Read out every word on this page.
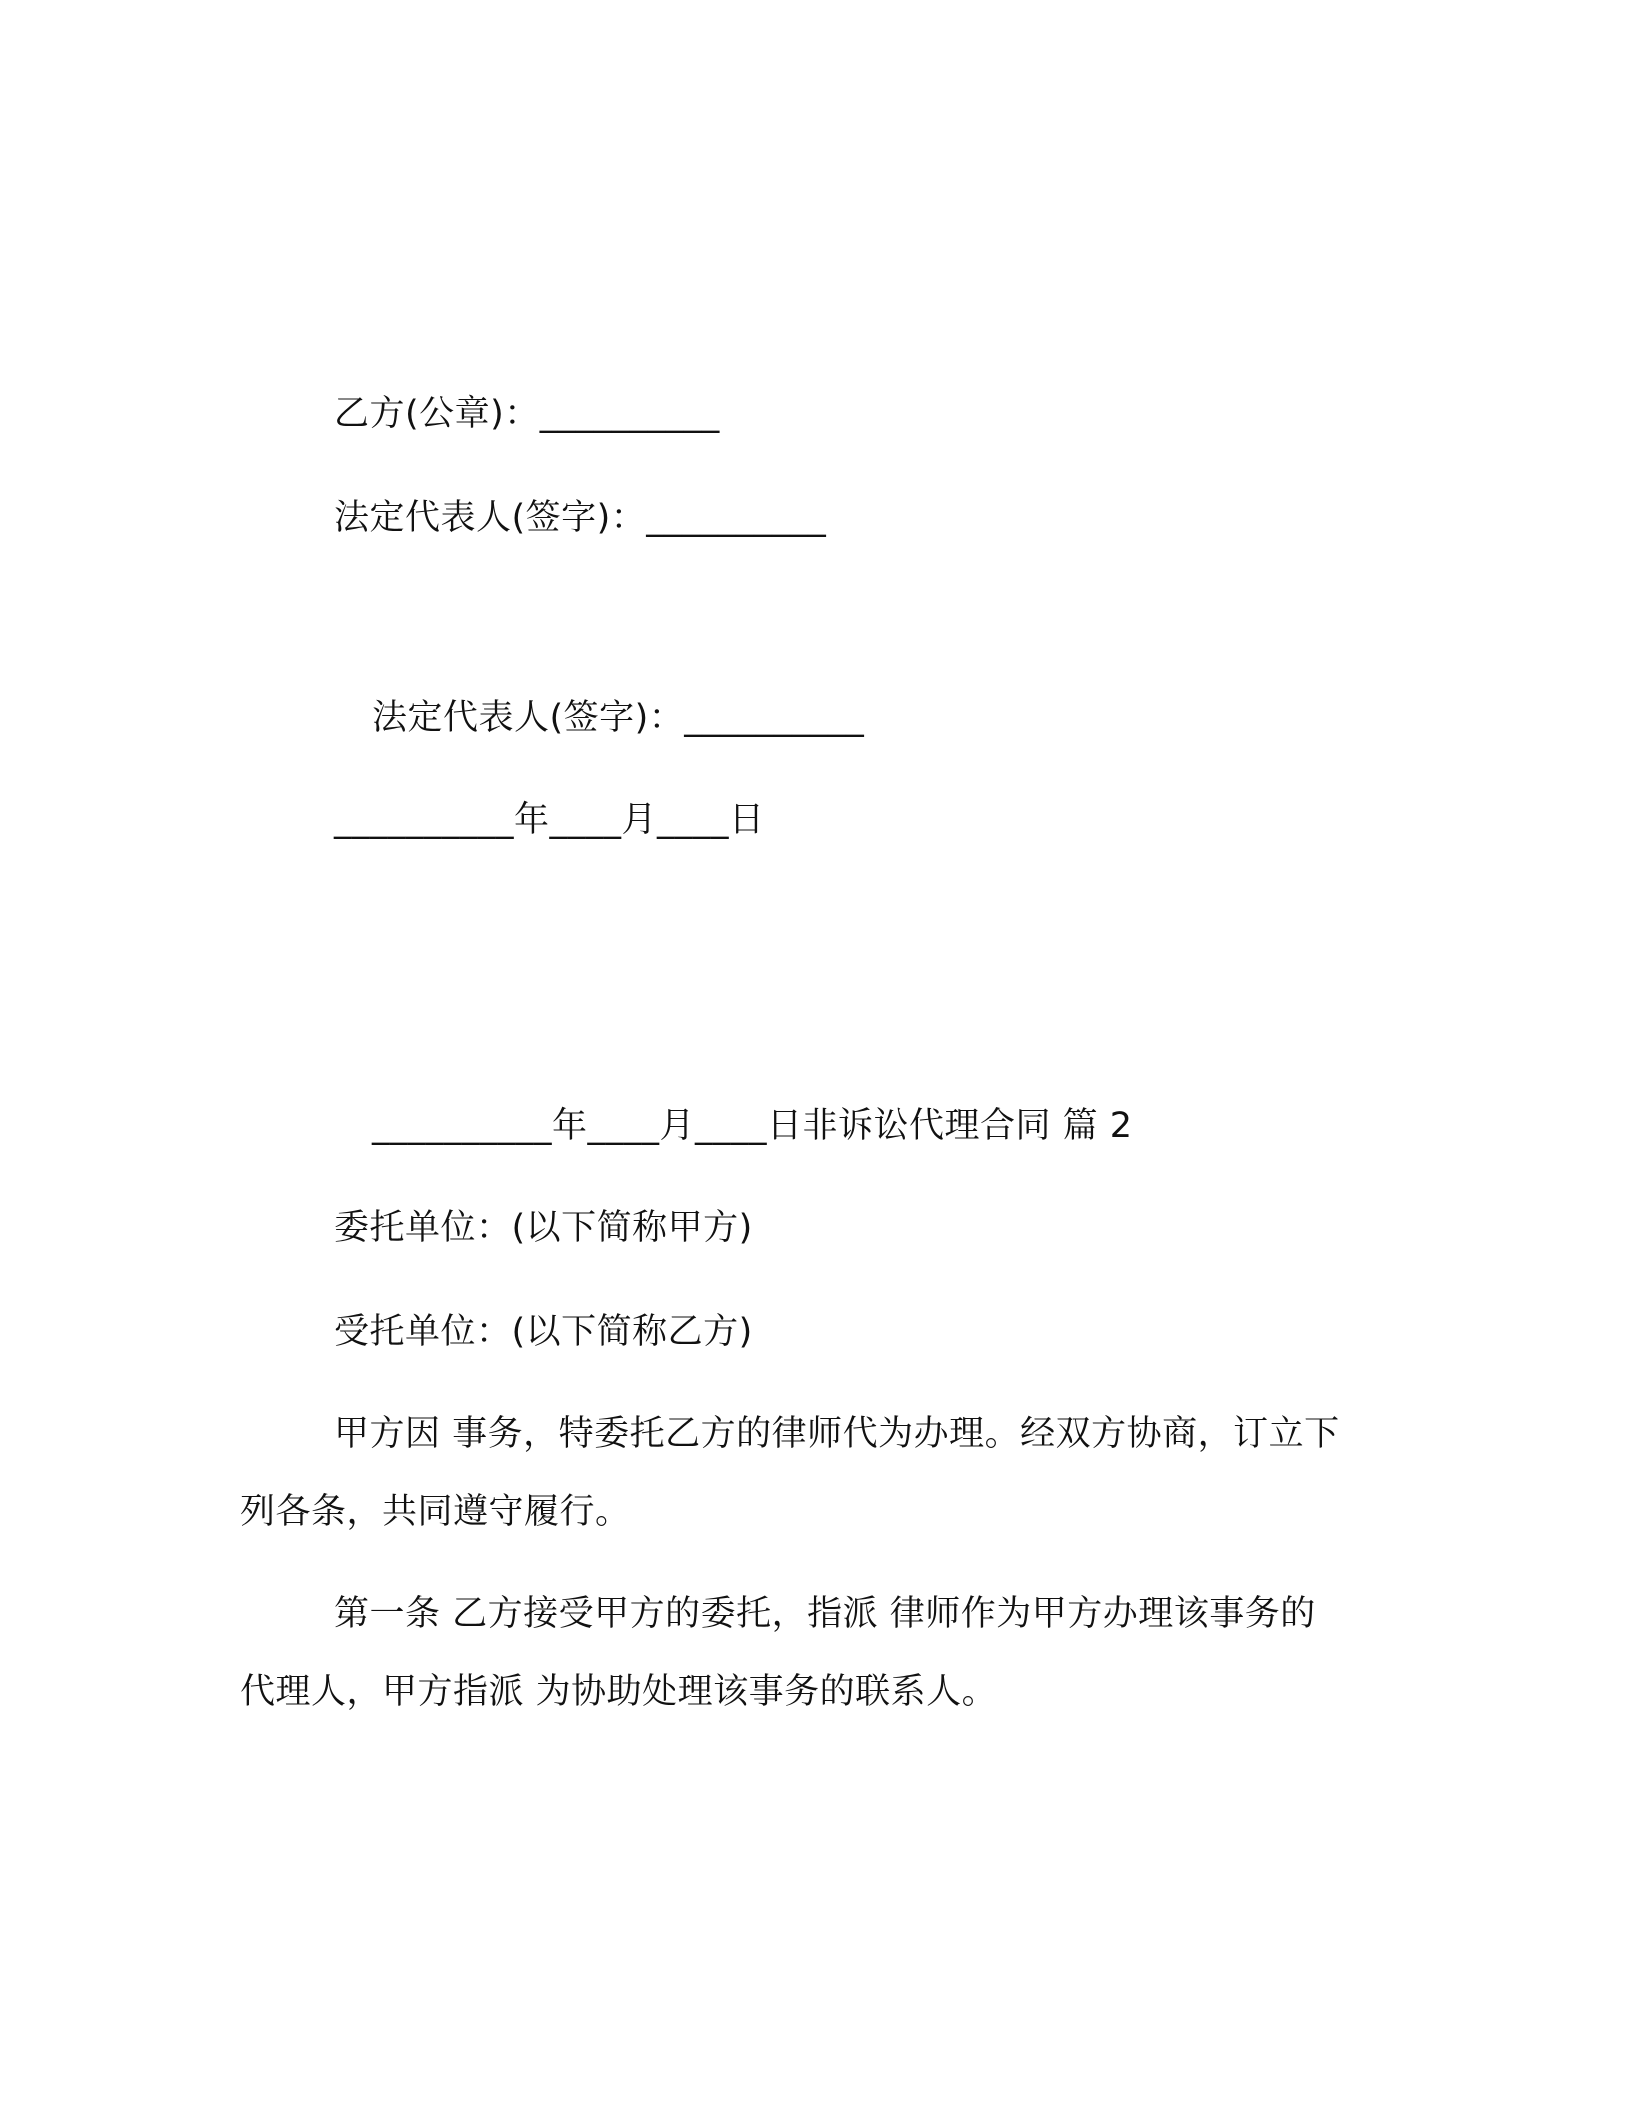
乙方(公章)：__________
法定代表人(签字)：__________
法定代表人(签字)：__________
__________年____月____日
__________年____月____日非诉讼代理合同 篇 2
委托单位：(以下简称甲方)
受托单位：(以下简称乙方)
甲方因 事务，特委托乙方的律师代为办理。经双方协商，订立下
列各条，共同遵守履行。
第一条 乙方接受甲方的委托，指派 律师作为甲方办理该事务的
代理人，甲方指派 为协助处理该事务的联系人。
